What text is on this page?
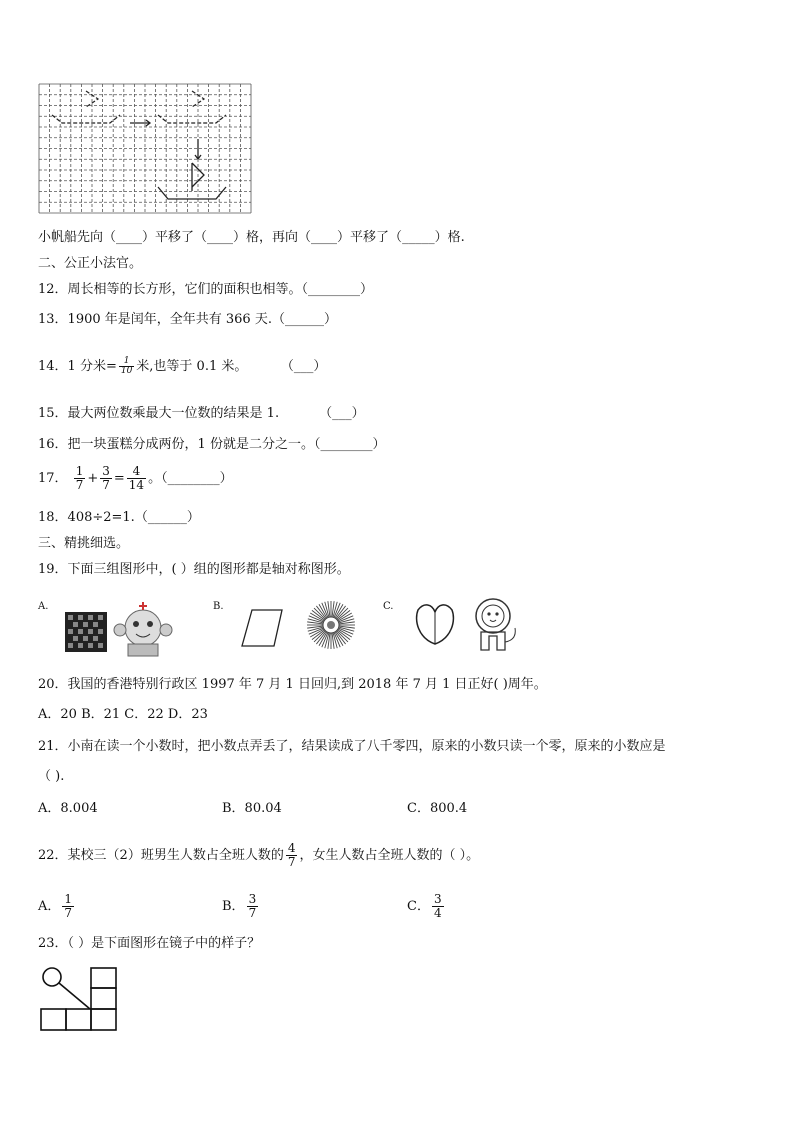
小帆船先向（____）平移了（____）格，再向（____）平移了（_____）格.
二、公正小法官。
12．周长相等的长方形，它们的面积也相等。（________）
13．1900 年是闰年，全年共有 366 天.（______）
14．1 分米= $\frac{1}{10}$ 米,也等于 0.1 米。	（___）
15．最大两位数乘最大一位数的结果是 1.	（___）
16．把一块蛋糕分成两份，1 份就是二分之一。（________）
17． $\frac{1}{7} + \frac{3}{7} = \frac{4}{14}$ 。（________）
18．408÷2=1.（______）
三、精挑细选。
19．下面三组图形中，( ）组的图形都是轴对称图形。
A.	B.	C.
20．我国的香港特别行政区 1997 年 7 月 1 日回归,到 2018 年 7 月 1 日正好( )周年。
A．20 B．21 C．22 D．23
21．小南在读一个小数时，把小数点弄丢了，结果读成了八千零四，原来的小数只读一个零，原来的小数应是
（ ).
A．8.004	B．80.04	C．800.4
22．某校三（2）班男生人数占全班人数的 $\frac{4}{7}$ ，女生人数占全班人数的（ ）。
A． $\frac{1}{7}$	B． $\frac{3}{7}$	C． $\frac{3}{4}$
23．（ ）是下面图形在镜子中的样子？
